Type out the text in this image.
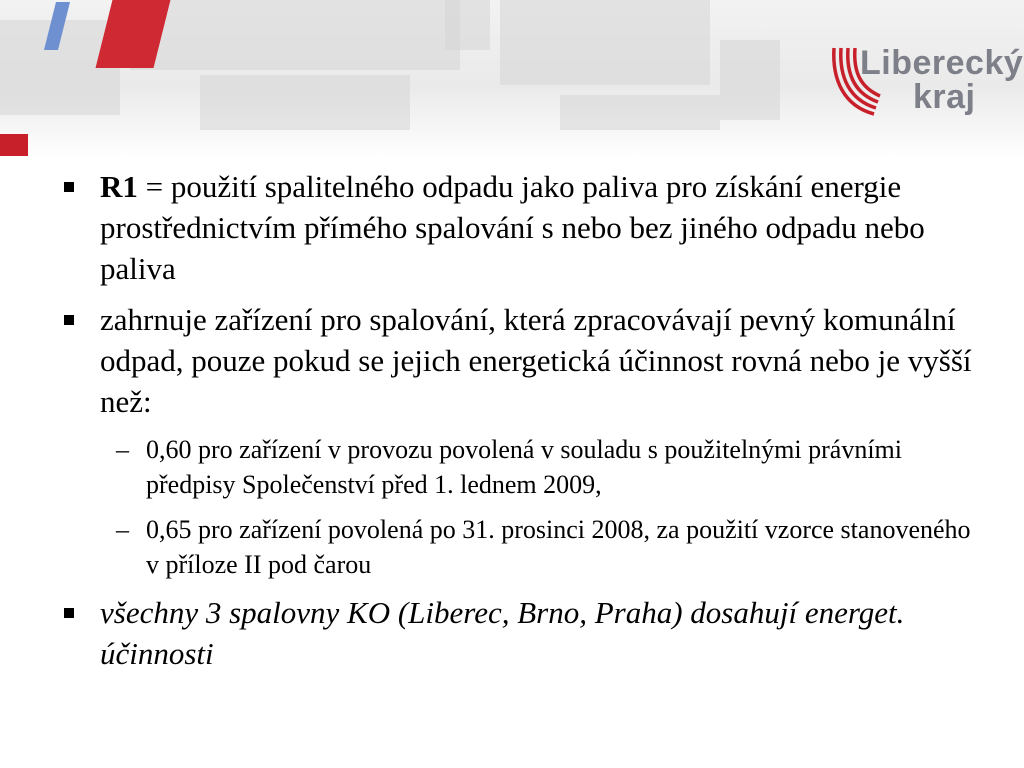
Liberecký
kraj
R1 = použití spalitelného odpadu jako paliva pro získání energie prostřednictvím přímého spalování s nebo bez jiného odpadu nebo paliva
zahrnuje zařízení pro spalování, která zpracovávají pevný komunální odpad, pouze pokud se jejich energetická účinnost rovná nebo je vyšší než:
– 0,60 pro zařízení v provozu povolená v souladu s použitelnými právními předpisy Společenství před 1. lednem 2009,
– 0,65 pro zařízení povolená po 31. prosinci 2008, za použití vzorce stanoveného v příloze II pod čarou
všechny 3 spalovny KO (Liberec, Brno, Praha) dosahují energet. účinnosti
